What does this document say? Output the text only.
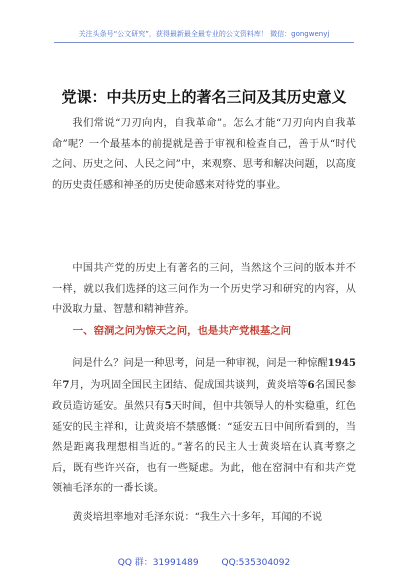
关注头条号“公文研究”，获得最新最全最专业的公文资料库！ 微信：gongwenyj
党课：中共历史上的著名三问及其历史意义
我们常说“刀刃向内，自我革命”。怎么才能“刀刃向内自我革命”呢？一个最基本的前提就是善于审视和检查自己，善于从“时代之问、历史之问、人民之问”中，来观察、思考和解决问题，以高度的历史责任感和神圣的历史使命感来对待党的事业。
中国共产党的历史上有著名的三问，当然这个三问的版本并不一样，就以我们选择的这三问作为一个历史学习和研究的内容，从中汲取力量、智慧和精神营养。
一、窑洞之问为惊天之问，也是共产党根基之问
问是什么？问是一种思考，问是一种审视，问是一种惊醒1945年7月，为巩固全国民主团结、促成国共谈判，黄炎培等6名国民参政员造访延安。虽然只有5天时间，但中共领导人的朴实稳重，红色延安的民主祥和，让黄炎培不禁感慨：“延安五日中间所看到的，当然是距离我理想相当近的。”著名的民主人士黄炎培在认真考察之后，既有些许兴奋，也有一些疑虑。为此，他在窑洞中有和共产党领袖毛泽东的一番长谈。
黄炎培坦率地对毛泽东说：“我生六十多年，耳闻的不说
QQ 群：31991489	QQ:535304092
